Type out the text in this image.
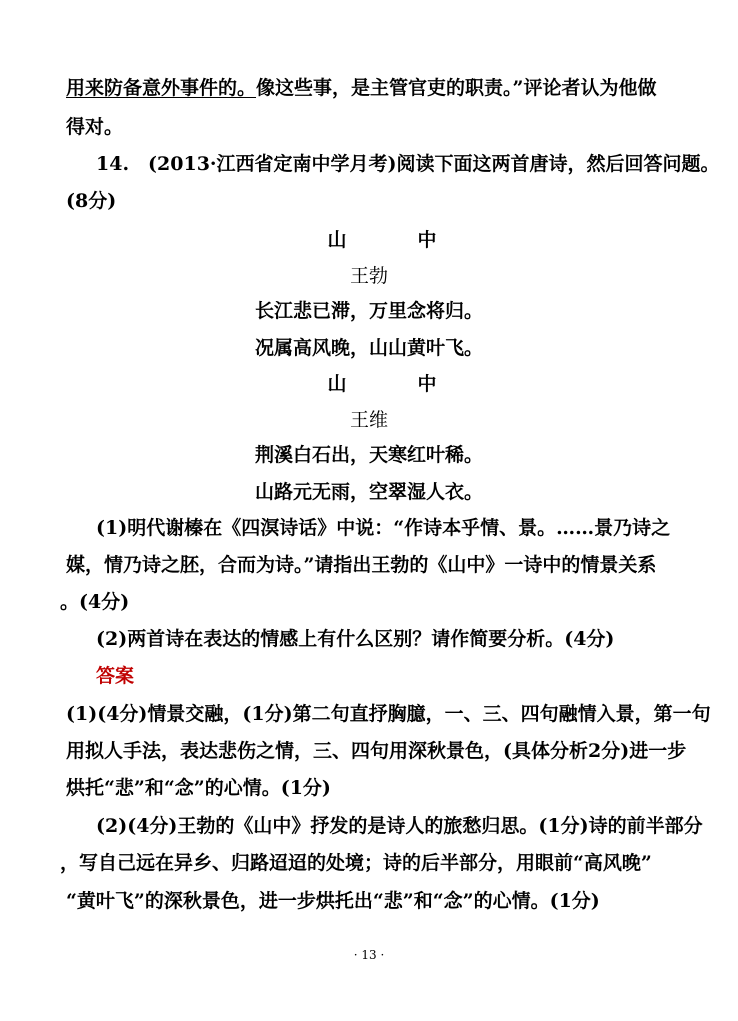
用来防备意外事件的。像这些事，是主管官吏的职责。”评论者认为他做
得对。
14.　(2013·江西省定南中学月考)阅读下面这两首唐诗，然后回答问题。
(8分)
山　中
王勃
长江悲已滞，万里念将归。
况属高风晚，山山黄叶飞。
山　中
王维
荆溪白石出，天寒红叶稀。
山路元无雨，空翠湿人衣。
(1)明代谢榛在《四溟诗话》中说：“作诗本乎情、景。……景乃诗之
媒，情乃诗之胚，合而为诗。”请指出王勃的《山中》一诗中的情景关系
。(4分)
(2)两首诗在表达的情感上有什么区别？请作简要分析。(4分)
答案
(1)(4分)情景交融，(1分)第二句直抒胸臆，一、三、四句融情入景，第一句
用拟人手法，表达悲伤之情，三、四句用深秋景色，(具体分析2分)进一步
烘托“悲”和“念”的心情。(1分)
(2)(4分)王勃的《山中》抒发的是诗人的旅愁归思。(1分)诗的前半部分
，写自己远在异乡、归路迢迢的处境；诗的后半部分，用眼前“高风晚”
“黄叶飞”的深秋景色，进一步烘托出“悲”和“念”的心情。(1分)
· 13 ·
